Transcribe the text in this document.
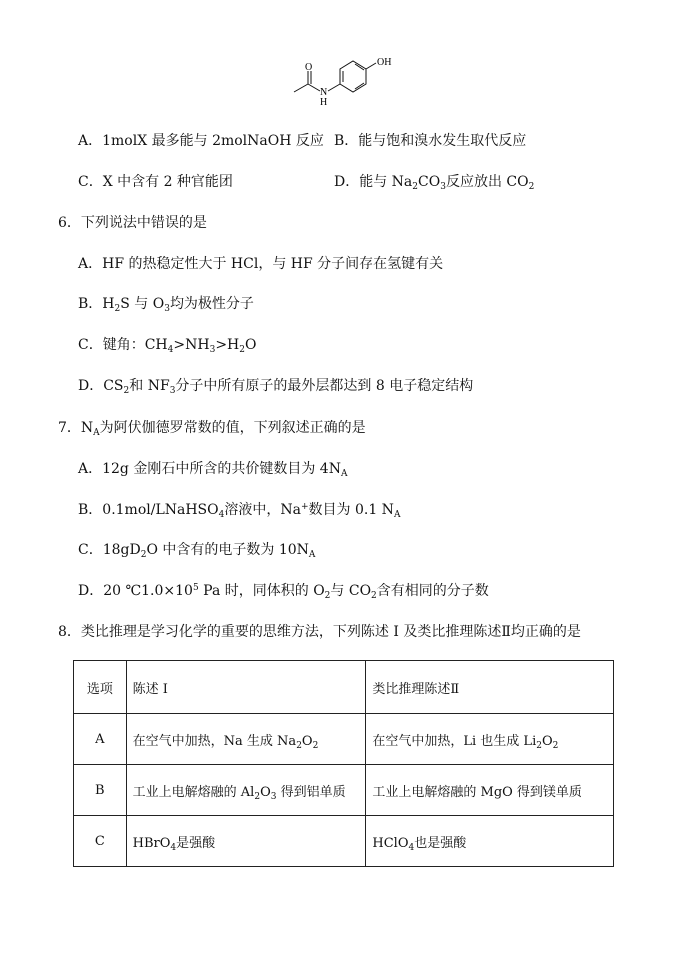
OH
O
N
H
A．1molX 最多能与 2molNaOH 反应 B．能与饱和溴水发生取代反应
C．X 中含有 2 种官能团	D．能与 $Na_2CO_3$反应放出 $CO_2$
6．下列说法中错误的是
A．HF 的热稳定性大于 HCl，与 HF 分子间存在氢键有关
B．$H_2S$ 与 $O_3$均为极性分子
C．键角：$CH_4>NH_3>H_2O$
D．$CS_2$和 $NF_3$分子中所有原子的最外层都达到 8 电子稳定结构
7．$N_A$为阿伏伽德罗常数的值，下列叙述正确的是
A．12g 金刚石中所含的共价键数目为 $4N_A$
B．0.1mol/LNaHSO$_4$溶液中，Na+数目为 0.1 $N_A$
C．$18gD_2O$ 中含有的电子数为 $10N_A$
D．20 $℃1.0\times 10^5$ Pa 时，同体积的 $O_2$与 $CO_2$含有相同的分子数
8．类比推理是学习化学的重要的思维方法，下列陈述 I 及类比推理陈述Ⅱ均正确的是
选项	陈述 I	类比推理陈述Ⅱ
A	在空气中加热，Na 生成 $Na_2O_2$	在空气中加热，Li 也生成 $Li_2O_2$
B	工业上电解熔融的 $Al_2O_3$ 得到铝单质	工业上电解熔融的 MgO 得到镁单质
C	HBrO$_4$是强酸	HClO$_4$也是强酸
